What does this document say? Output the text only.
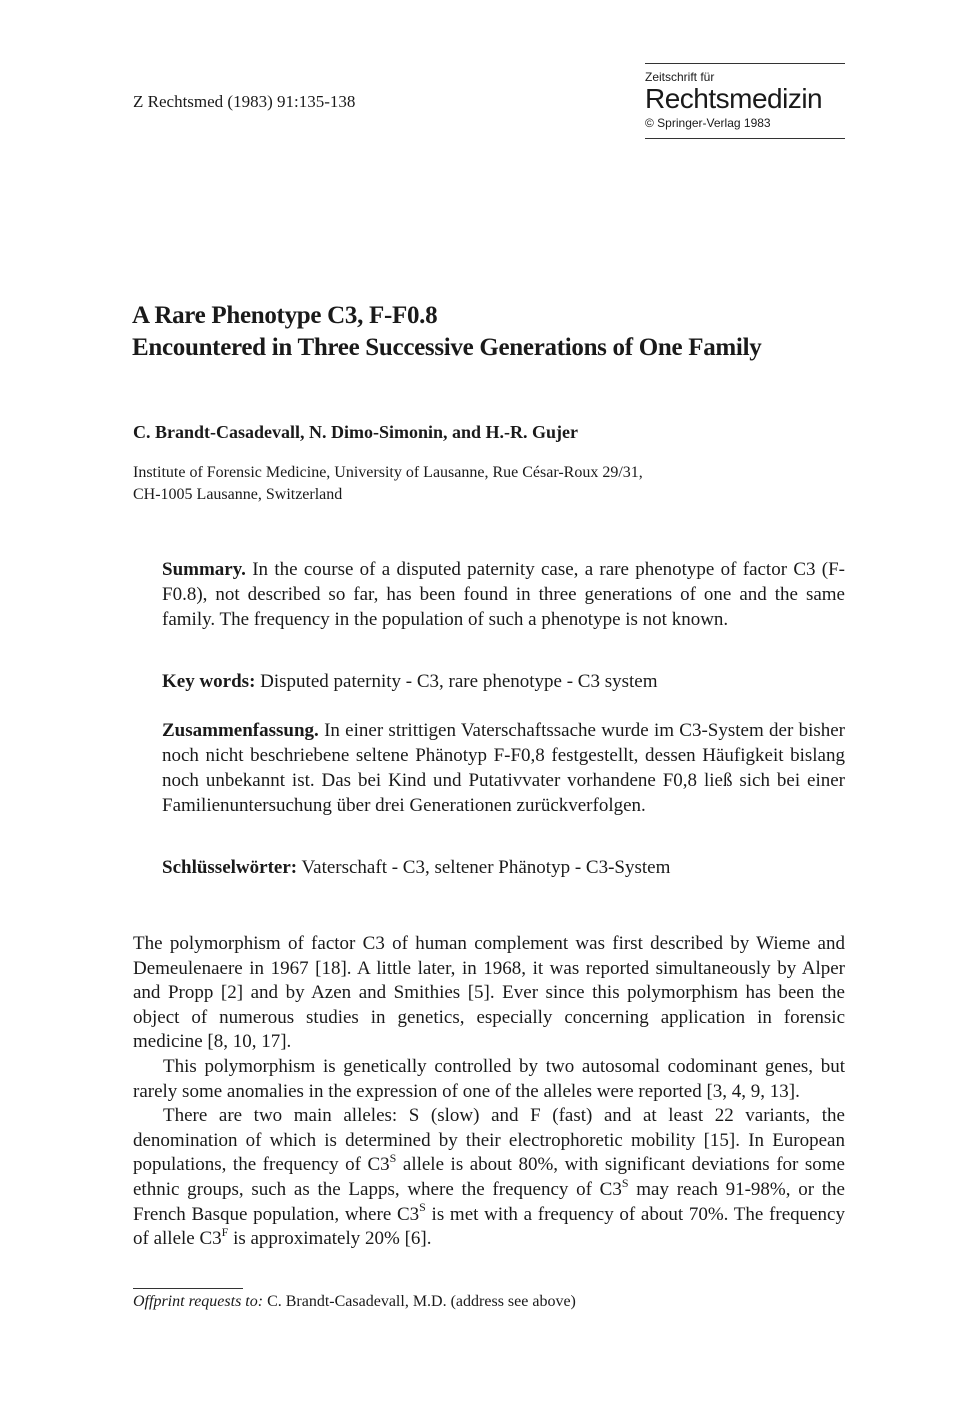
Z Rechtsmed (1983) 91:135-138
Zeitschrift für
Rechtsmedizin
© Springer-Verlag 1983
A Rare Phenotype C3, F-F0.8
Encountered in Three Successive Generations of One Family
C. Brandt-Casadevall, N. Dimo-Simonin, and H.-R. Gujer
Institute of Forensic Medicine, University of Lausanne, Rue César-Roux 29/31,
CH-1005 Lausanne, Switzerland
Summary. In the course of a disputed paternity case, a rare phenotype of factor C3 (F-F0.8), not described so far, has been found in three generations of one and the same family. The frequency in the population of such a phenotype is not known.
Key words: Disputed paternity - C3, rare phenotype - C3 system
Zusammenfassung. In einer strittigen Vaterschaftssache wurde im C3-System der bisher noch nicht beschriebene seltene Phänotyp F-F0,8 festgestellt, dessen Häufigkeit bislang noch unbekannt ist. Das bei Kind und Putativvater vorhandene F0,8 ließ sich bei einer Familienuntersuchung über drei Generationen zurückverfolgen.
Schlüsselwörter: Vaterschaft - C3, seltener Phänotyp - C3-System

The polymorphism of factor C3 of human complement was first described by Wieme and Demeulenaere in 1967 [18]. A little later, in 1968, it was reported simultaneously by Alper and Propp [2] and by Azen and Smithies [5]. Ever since this polymorphism has been the object of numerous studies in genetics, especially concerning application in forensic medicine [8, 10, 17].

This polymorphism is genetically controlled by two autosomal codominant genes, but rarely some anomalies in the expression of one of the alleles were reported [3, 4, 9, 13].

There are two main alleles: S (slow) and F (fast) and at least 22 variants, the denomination of which is determined by their electrophoretic mobility [15]. In European populations, the frequency of $C3^S$ allele is about 80%, with significant deviations for some ethnic groups, such as the Lapps, where the frequency of $C3^S$ may reach 91-98%, or the French Basque population, where $C3^S$ is met with a frequency of about 70%. The frequency of allele $C3^F$ is approximately 20% [6].

Offprint requests to: C. Brandt-Casadevall, M.D. (address see above)
